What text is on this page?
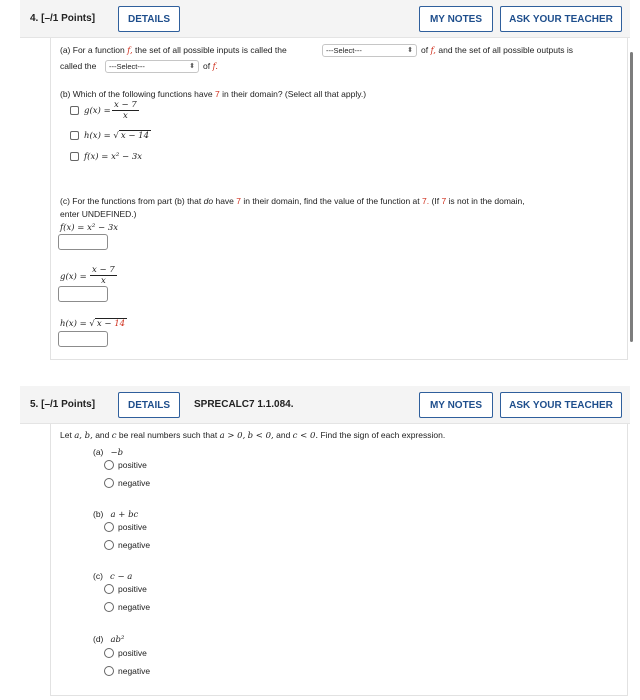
4. [–/1 Points]	DETAILS	MY NOTES	ASK YOUR TEACHER
(a) For a function f, the set of all possible inputs is called the	---Select---	⬍ of f, and the set of all possible outputs is
called the	---Select---	⬍ of f.
(b) Which of the following functions have 7 in their domain? (Select all that apply.)
$g(x) = \frac{x - 7}{x}$
h(x) = √ x − 14
f(x) = x² − 3x
(c) For the functions from part (b) that do have 7 in their domain, find the value of the function at 7. (If 7 is not in the domain,
enter UNDEFINED.)
f(x) = x² − 3x
$g(x) = \frac{x - 7}{x}$
h(x) = √ x − 14
5. [–/1 Points]	DETAILS SPRECALC7 1.1.084.	MY NOTES	ASK YOUR TEACHER
Let a, b, and c be real numbers such that a > 0, b < 0, and c < 0. Find the sign of each expression.
(a) −b
positive
negative
(b) a + bc
positive
negative
(c) c − a
positive
negative
(d) ab²
positive
negative
